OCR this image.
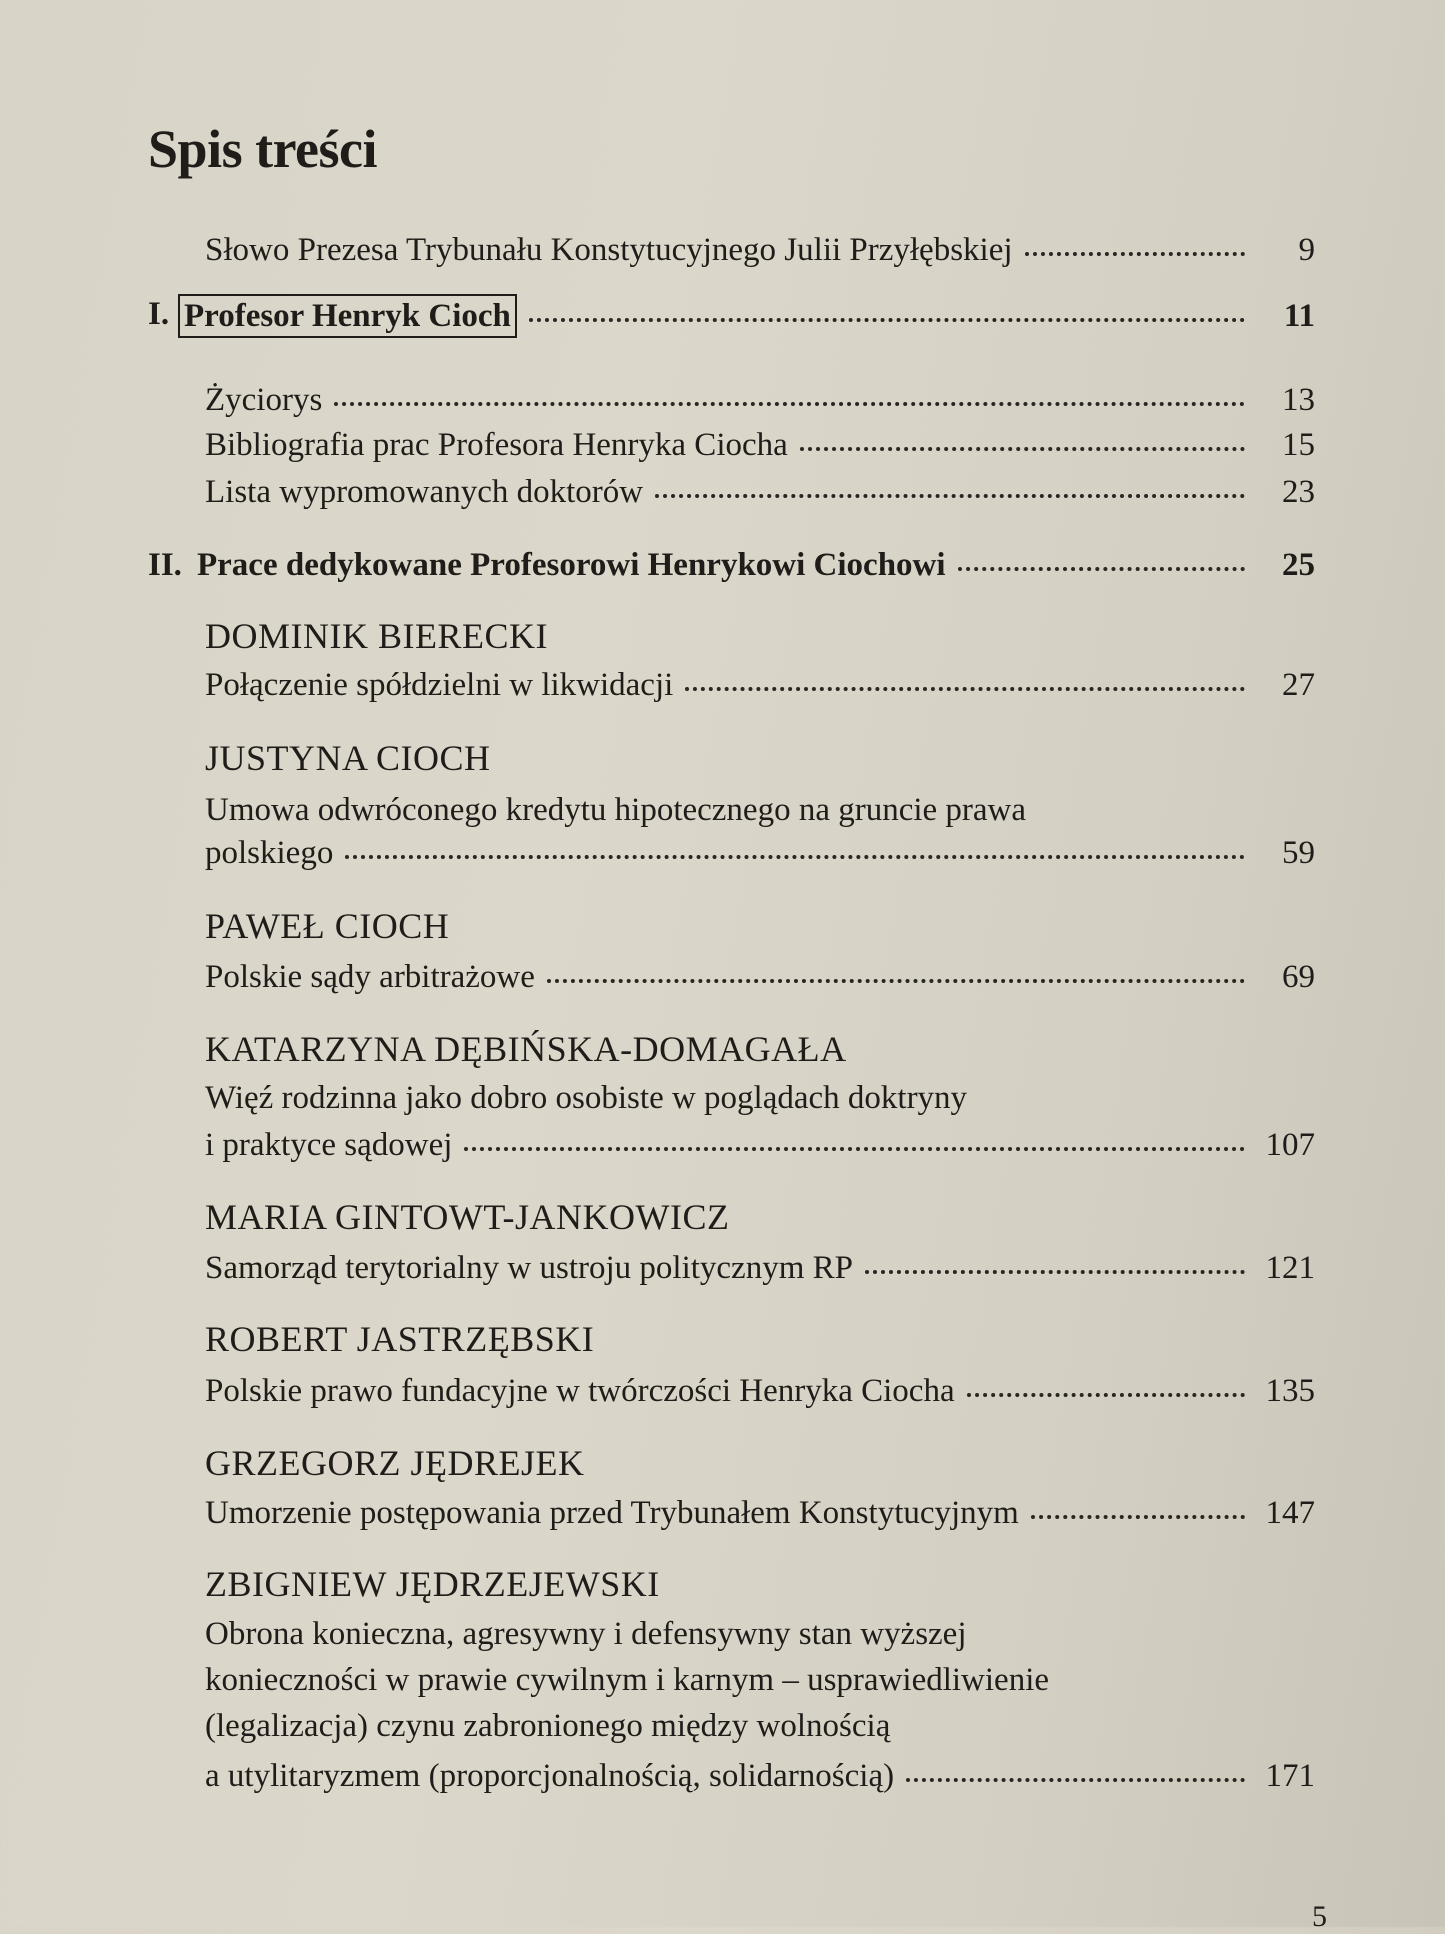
Spis treści
Słowo Prezesa Trybunału Konstytucyjnego Julii Przyłębskiej	9
I. Profesor Henryk Cioch	11
Życiorys	13
Bibliografia prac Profesora Henryka Ciocha	15
Lista wypromowanych doktorów	23
II. Prace dedykowane Profesorowi Henrykowi Ciochowi	25
DOMINIK BIERECKI
Połączenie spółdzielni w likwidacji	27
JUSTYNA CIOCH
Umowa odwróconego kredytu hipotecznego na gruncie prawa
polskiego	59
PAWEŁ CIOCH
Polskie sądy arbitrażowe	69
KATARZYNA DĘBIŃSKA-DOMAGAŁA
Więź rodzinna jako dobro osobiste w poglądach doktryny
i praktyce sądowej	107
MARIA GINTOWT-JANKOWICZ
Samorząd terytorialny w ustroju politycznym RP	121
ROBERT JASTRZĘBSKI
Polskie prawo fundacyjne w twórczości Henryka Ciocha	135
GRZEGORZ JĘDREJEK
Umorzenie postępowania przed Trybunałem Konstytucyjnym	147
ZBIGNIEW JĘDRZEJEWSKI
Obrona konieczna, agresywny i defensywny stan wyższej
konieczności w prawie cywilnym i karnym – usprawiedliwienie
(legalizacja) czynu zabronionego między wolnością
a utylitaryzmem (proporcjonalnością, solidarnością)	171
5
